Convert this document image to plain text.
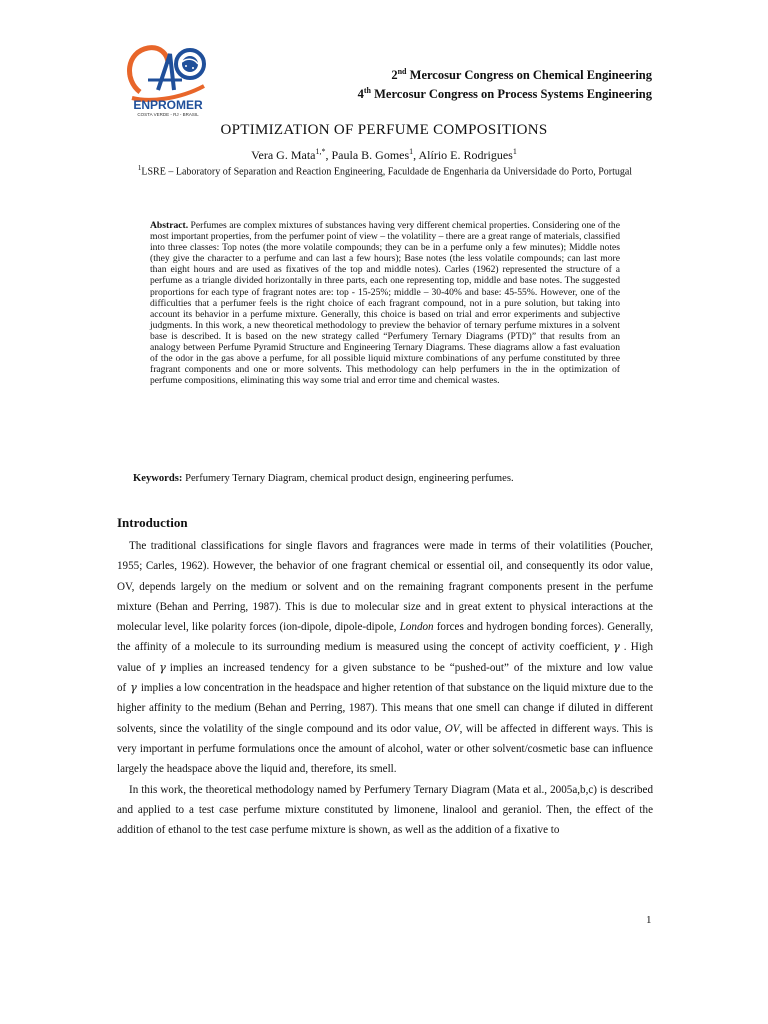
ENPROMER
COSTA VERDE - RJ - BRASIL
2nd Mercosur Congress on Chemical Engineering
4th Mercosur Congress on Process Systems Engineering
OPTIMIZATION OF PERFUME COMPOSITIONS
Vera G. Mata$^{1,*}$, Paula B. Gomes$^1$, Alírio E. Rodrigues$^1$
$^1$LSRE – Laboratory of Separation and Reaction Engineering, Faculdade de Engenharia da Universidade do Porto, Portugal
Abstract. Perfumes are complex mixtures of substances having very different chemical properties. Considering one of the most important properties, from the perfumer point of view – the volatility – there are a great range of materials, classified into three classes: Top notes (the more volatile compounds; they can be in a perfume only a few minutes); Middle notes (they give the character to a perfume and can last a few hours); Base notes (the less volatile compounds; can last more than eight hours and are used as fixatives of the top and middle notes). Carles (1962) represented the structure of a perfume as a triangle divided horizontally in three parts, each one representing top, middle and base notes. The suggested proportions for each type of fragrant notes are: top - 15-25%; middle – 30-40% and base: 45-55%. However, one of the difficulties that a perfumer feels is the right choice of each fragrant compound, not in a pure solution, but taking into account its behavior in a perfume mixture. Generally, this choice is based on trial and error experiments and subjective judgments. In this work, a new theoretical methodology to preview the behavior of ternary perfume mixtures in a solvent base is described. It is based on the new strategy called “Perfumery Ternary Diagrams (PTD)” that results from an analogy between Perfume Pyramid Structure and Engineering Ternary Diagrams. These diagrams allow a fast evaluation of the odor in the gas above a perfume, for all possible liquid mixture combinations of any perfume constituted by three fragrant components and one or more solvents. This methodology can help perfumers in the in the optimization of perfume compositions, eliminating this way some trial and error time and chemical wastes.
Keywords: Perfumery Ternary Diagram, chemical product design, engineering perfumes.
Introduction

The traditional classifications for single flavors and fragrances were made in terms of their volatilities (Poucher, 1955; Carles, 1962). However, the behavior of one fragrant chemical or essential oil, and consequently its odor value, OV, depends largely on the medium or solvent and on the remaining fragrant components present in the perfume mixture (Behan and Perring, 1987). This is due to molecular size and in great extent to physical interactions at the molecular level, like polarity forces (ion-dipole, dipole-dipole, London forces and hydrogen bonding forces). Generally, the affinity of a molecule to its surrounding medium is measured using the concept of activity coefficient, γ . High value of γ implies an increased tendency for a given substance to be “pushed-out” of the mixture and low value of γ implies a low concentration in the headspace and higher retention of that substance on the liquid mixture due to the higher affinity to the medium (Behan and Perring, 1987). This means that one smell can change if diluted in different solvents, since the volatility of the single compound and its odor value, OV, will be affected in different ways. This is very important in perfume formulations once the amount of alcohol, water or other solvent/cosmetic base can influence largely the headspace above the liquid and, therefore, its smell.

In this work, the theoretical methodology named by Perfumery Ternary Diagram (Mata et al., 2005a,b,c) is described and applied to a test case perfume mixture constituted by limonene, linalool and geraniol. Then, the effect of the addition of ethanol to the test case perfume mixture is shown, as well as the addition of a fixative to

1
